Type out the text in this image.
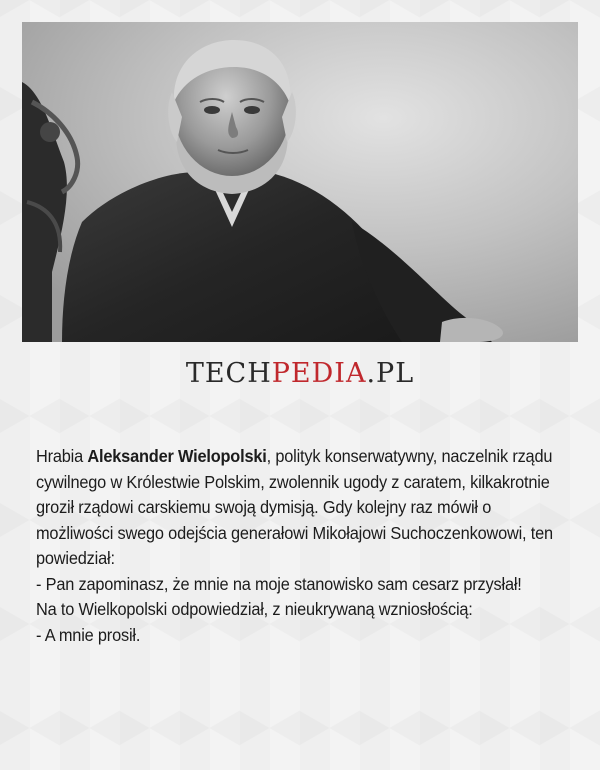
TECHPEDIA.PL

Hrabia Aleksander Wielopolski, polityk konserwatywny, naczelnik rządu cywilnego w Królestwie Polskim, zwolennik ugody z caratem, kilkakrotnie groził rządowi carskiemu swoją dymisją. Gdy kolejny raz mówił o możliwości swego odejścia generałowi Mikołajowi Suchoczenkowowi, ten powiedział:

- Pan zapominasz, że mnie na moje stanowisko sam cesarz przysłał!

Na to Wielkopolski odpowiedział, z nieukrywaną wzniosłością:

- A mnie prosił.
